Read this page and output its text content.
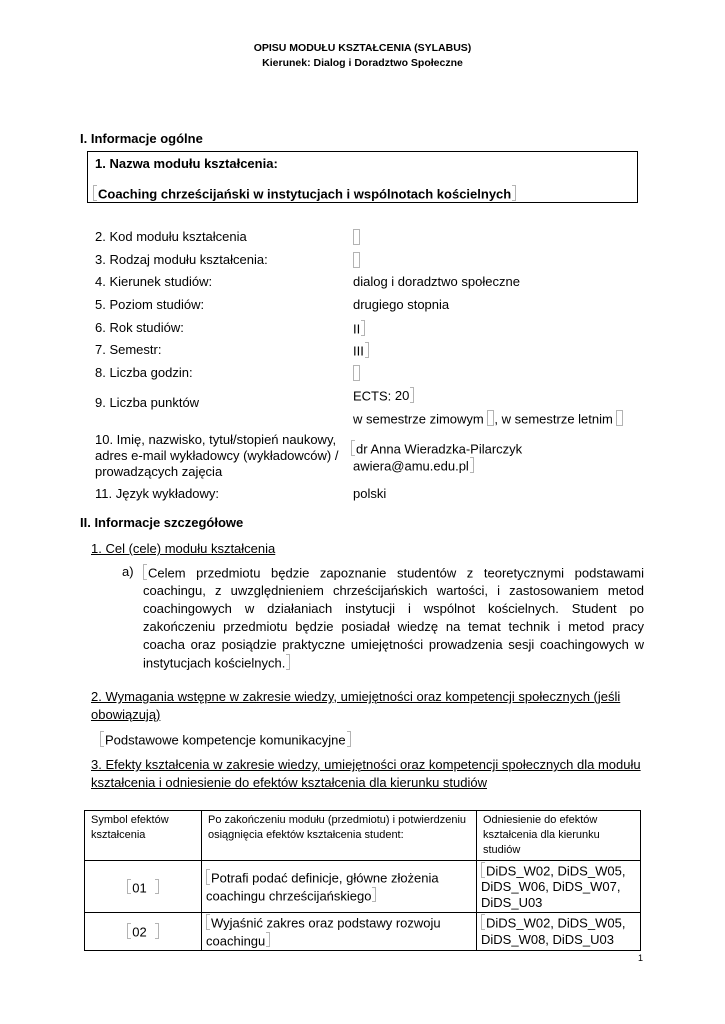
OPISU MODUŁU KSZTAŁCENIA (SYLABUS)
Kierunek: Dialog i Doradztwo Społeczne
I. Informacje ogólne
1. Nazwa modułu kształcenia:
Coaching chrześcijański w instytucjach i wspólnotach kościelnych
2. Kod modułu kształcenia
3. Rodzaj modułu kształcenia:
4. Kierunek studiów:	dialog i doradztwo społeczne
5. Poziom studiów:	drugiego stopnia
6. Rok studiów:	II
7. Semestr:	III
8. Liczba godzin:
9. Liczba punktów	ECTS: 20
w semestrze zimowym , w semestrze letnim
10. Imię, nazwisko, tytuł/stopień naukowy, adres e-mail wykładowcy (wykładowców) / prowadzących zajęcia
dr Anna Wieradzka-Pilarczyk
awiera@amu.edu.pl
11. Język wykładowy:	polski
II. Informacje szczegółowe
1. Cel (cele) modułu kształcenia
a)	Celem przedmiotu będzie zapoznanie studentów z teoretycznymi podstawami coachingu, z uwzględnieniem chrześcijańskich wartości, i zastosowaniem metod coachingowych w działaniach instytucji i wspólnot kościelnych. Student po zakończeniu przedmiotu będzie posiadał wiedzę na temat technik i metod pracy coacha oraz posiądzie praktyczne umiejętności prowadzenia sesji coachingowych w instytucjach kościelnych.
2. Wymagania wstępne w zakresie wiedzy, umiejętności oraz kompetencji społecznych (jeśli obowiązują)
Podstawowe kompetencje komunikacyjne
3. Efekty kształcenia w zakresie wiedzy, umiejętności oraz kompetencji społecznych dla modułu kształcenia i odniesienie do efektów kształcenia dla kierunku studiów
Symbol efektów kształcenia	Po zakończeniu modułu (przedmiotu) i potwierdzeniu osiągnięcia efektów kształcenia student:	Odniesienie do efektów kształcenia dla kierunku studiów
01	Potrafi podać definicje, główne złożenia coachingu chrześcijańskiego	DiDS_W02, DiDS_W05, DiDS_W06, DiDS_W07, DiDS_U03
02	Wyjaśnić zakres oraz podstawy rozwoju coachingu	DiDS_W02, DiDS_W05, DiDS_W08, DiDS_U03
1
